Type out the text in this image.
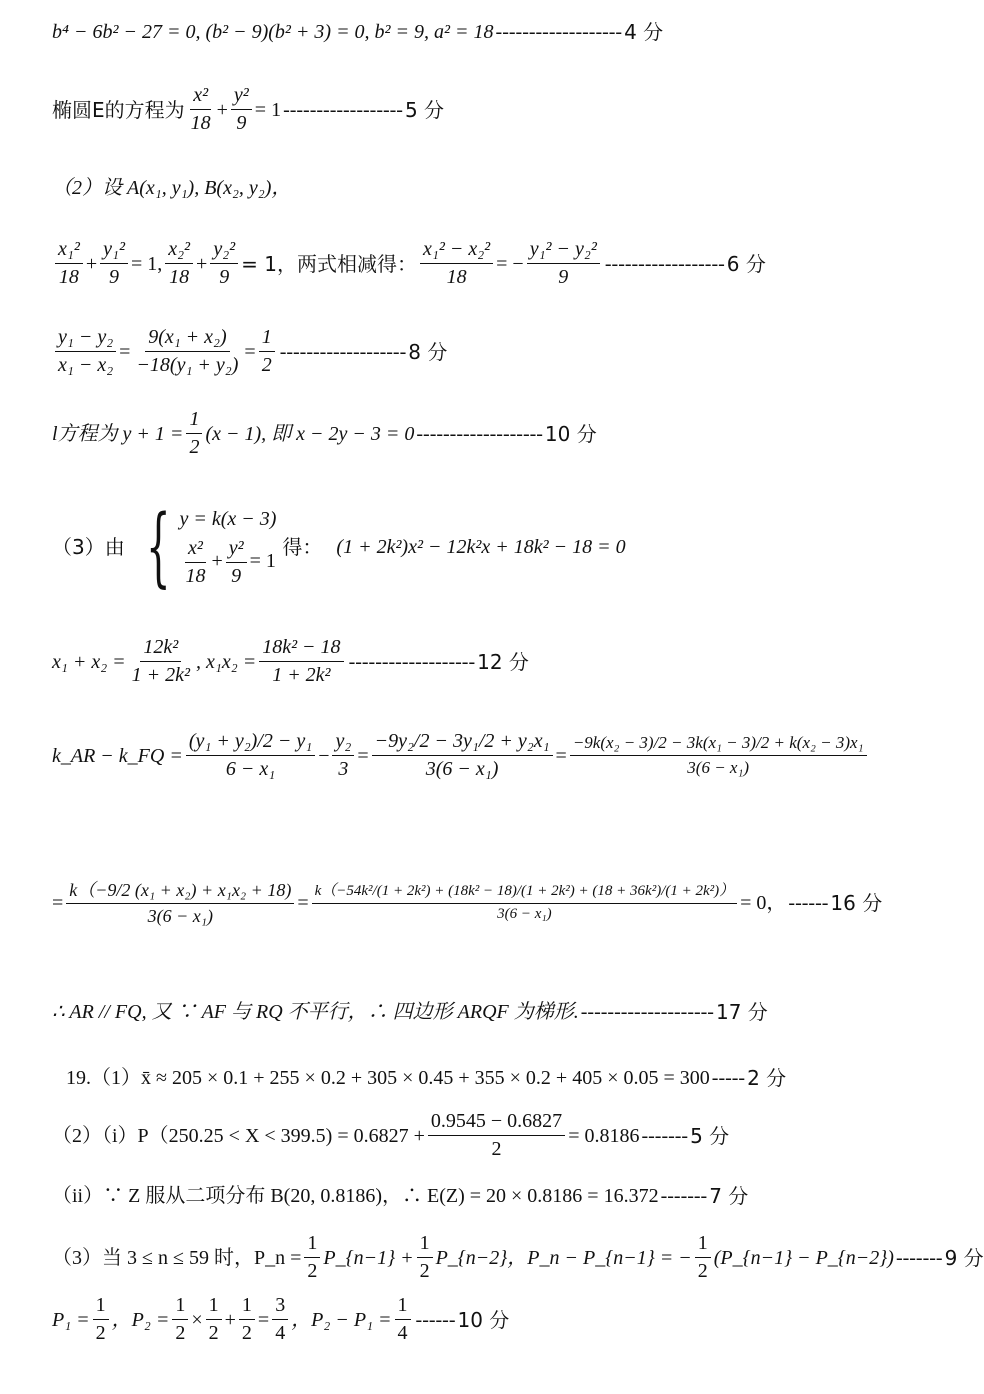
b⁴ − 6b² − 27 = 0, (b² − 9)(b² + 3) = 0, b² = 9, a² = 18 ------------------- 4 分
椭圆E的方程为 $\frac{\text{x²}}{18} + \frac{\text{y²}}{9} = 1$ ------------------ 5 分
（2）设 A(x₁, y₁), B(x₂, y₂)，
$\frac{\text{x₁²}}{18} + \frac{\text{y₁²}}{9} = 1$, $\frac{\text{x₂²}}{18} + \frac{\text{y₂²}}{9} = 1$，两式相减得： $\frac{\text{x₁² − x₂²}}{18}$ = − $\frac{\text{y₁² − y₂²}}{9}$ ------------------ 6 分
$\frac{\text{y₁ − y₂}}{\text{x₁ − x₂}} = \frac{\text{9(x₁ + x₂)}}{\text{−18(y₁ + y₂)}} = \frac{1}{2}$ ------------------- 8 分
l方程为 $y + 1 = \frac{1}{2} (x - 1)$, 即 x − 2y − 3 = 0 ------------------- 10 分
（3）由 { y = k(x − 3)
$\frac{\text{x²}}{18} + \frac{\text{y²}}{9} = 1$
得： (1 + 2k²)x² − 12k²x + 18k² − 18 = 0
$x_1 + x_2 = \frac{\text{12k²}}{\text{1 + 2k²}}$ , $x_1x_2 = \frac{\text{18k² − 18}}{\text{1 + 2k²}}$ ------------------- 12 分
k_AR − k_FQ = $\frac{\text{(y₁ + y₂)/2 − y₁}}{\text{6 − x₁}} - \frac{\text{y₂}}{3} = \frac{\text{−9y₂/2 − 3y₁/2 + y₂x₁}}{\text{3(6 − x₁)}} = \frac{\text{−9k(x₂ − 3)/2 − 3k(x₁ − 3)/2 + k(x₂ − 3)x₁}}{\text{3(6 − x₁)}}$
= $\frac{\text{k（−9/2 (x₁ + x₂) + x₁x₂ + 18)}}{\text{3(6 − x₁)}}$ =
k（−54k²/(1 + 2k²) + (18k² − 18)/(1 + 2k²) + (18 + 36k²)/(1 + 2k²)）
3(6 − x₁)	= 0， ------ 16 分
∴ AR // FQ, 又 ∵ AF 与 RQ 不平行，∴ 四边形 ARQF 为梯形. -------------------- 17 分
19.（1）x̄ ≈ 205 × 0.1 + 255 × 0.2 + 305 × 0.45 + 355 × 0.2 + 405 × 0.05 = 300 ----- 2 分
$(2)(i)P(250.25 < X < 399.5) = 0.6827 + \frac{0.9545 - 0.6827}{2} = 0.8186$ ------- 5 分
（ii）∵ Z 服从二项分布 B(20, 0.8186)，∴ E(Z) = 20 × 0.8186 = 16.372 ------- 7 分
（3）当 3 ≤ n ≤ 59 时，P_n = $\frac{1}{2}$ P_{n−1} + $\frac{1}{2}$ P_{n−2}，P_n − P_{n−1} = − $\frac{1}{2}$ (P_{n−1} − P_{n−2}) ------- 9 分
$P_1 = \frac{1}{2}$ ，$P_2 = \frac{1}{2} \times \frac{1}{2} + \frac{1}{2} = \frac{3}{4}$ ，$P_2 - P_1 = \frac{1}{4}$ ------ 10 分
